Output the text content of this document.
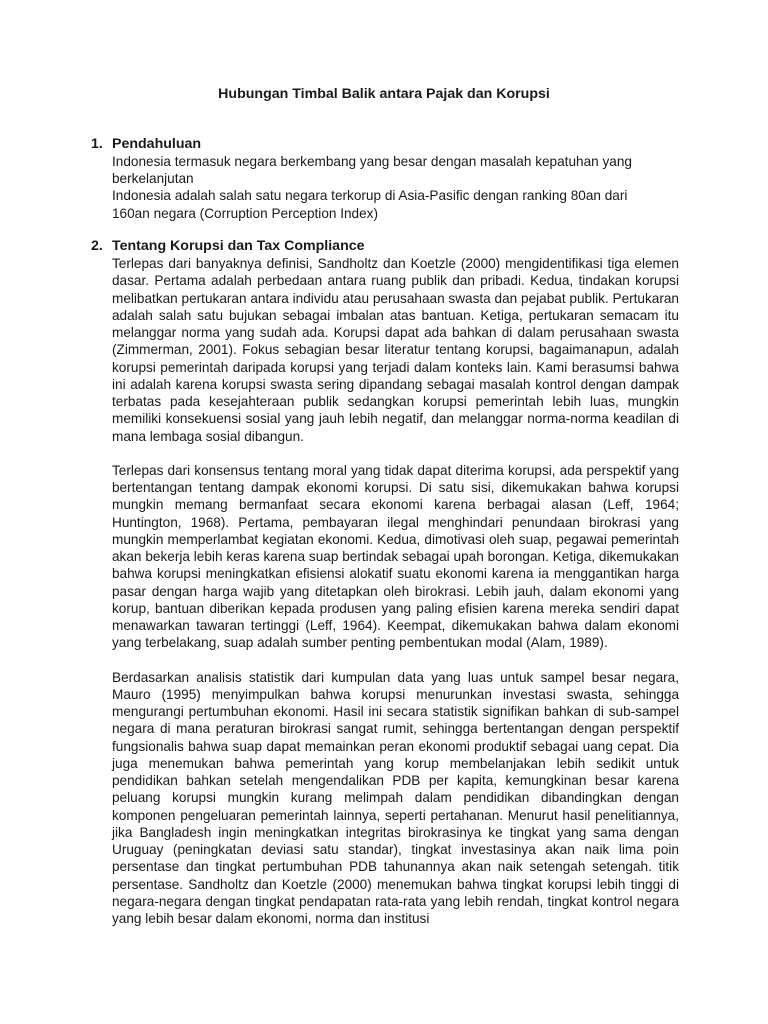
Hubungan Timbal Balik antara Pajak dan Korupsi
1. Pendahuluan
Indonesia termasuk negara berkembang yang besar dengan masalah kepatuhan yang
berkelanjutan
Indonesia adalah salah satu negara terkorup di Asia-Pasific dengan ranking 80an dari
160an negara (Corruption Perception Index)
2. Tentang Korupsi dan Tax Compliance
Terlepas dari banyaknya definisi, Sandholtz dan Koetzle (2000) mengidentifikasi tiga elemen dasar. Pertama adalah perbedaan antara ruang publik dan pribadi. Kedua, tindakan korupsi melibatkan pertukaran antara individu atau perusahaan swasta dan pejabat publik. Pertukaran adalah salah satu bujukan sebagai imbalan atas bantuan. Ketiga, pertukaran semacam itu melanggar norma yang sudah ada. Korupsi dapat ada bahkan di dalam perusahaan swasta (Zimmerman, 2001). Fokus sebagian besar literatur tentang korupsi, bagaimanapun, adalah korupsi pemerintah daripada korupsi yang terjadi dalam konteks lain. Kami berasumsi bahwa ini adalah karena korupsi swasta sering dipandang sebagai masalah kontrol dengan dampak terbatas pada kesejahteraan publik sedangkan korupsi pemerintah lebih luas, mungkin memiliki konsekuensi sosial yang jauh lebih negatif, dan melanggar norma-norma keadilan di mana lembaga sosial dibangun.
Terlepas dari konsensus tentang moral yang tidak dapat diterima korupsi, ada perspektif yang bertentangan tentang dampak ekonomi korupsi. Di satu sisi, dikemukakan bahwa korupsi mungkin memang bermanfaat secara ekonomi karena berbagai alasan (Leff, 1964; Huntington, 1968). Pertama, pembayaran ilegal menghindari penundaan birokrasi yang mungkin memperlambat kegiatan ekonomi. Kedua, dimotivasi oleh suap, pegawai pemerintah akan bekerja lebih keras karena suap bertindak sebagai upah borongan. Ketiga, dikemukakan bahwa korupsi meningkatkan efisiensi alokatif suatu ekonomi karena ia menggantikan harga pasar dengan harga wajib yang ditetapkan oleh birokrasi. Lebih jauh, dalam ekonomi yang korup, bantuan diberikan kepada produsen yang paling efisien karena mereka sendiri dapat menawarkan tawaran tertinggi (Leff, 1964). Keempat, dikemukakan bahwa dalam ekonomi yang terbelakang, suap adalah sumber penting pembentukan modal (Alam, 1989).
Berdasarkan analisis statistik dari kumpulan data yang luas untuk sampel besar negara, Mauro (1995) menyimpulkan bahwa korupsi menurunkan investasi swasta, sehingga mengurangi pertumbuhan ekonomi. Hasil ini secara statistik signifikan bahkan di sub-sampel negara di mana peraturan birokrasi sangat rumit, sehingga bertentangan dengan perspektif fungsionalis bahwa suap dapat memainkan peran ekonomi produktif sebagai uang cepat. Dia juga menemukan bahwa pemerintah yang korup membelanjakan lebih sedikit untuk pendidikan bahkan setelah mengendalikan PDB per kapita, kemungkinan besar karena peluang korupsi mungkin kurang melimpah dalam pendidikan dibandingkan dengan komponen pengeluaran pemerintah lainnya, seperti pertahanan. Menurut hasil penelitiannya, jika Bangladesh ingin meningkatkan integritas birokrasinya ke tingkat yang sama dengan Uruguay (peningkatan deviasi satu standar), tingkat investasinya akan naik lima poin persentase dan tingkat pertumbuhan PDB tahunannya akan naik setengah setengah. titik persentase. Sandholtz dan Koetzle (2000) menemukan bahwa tingkat korupsi lebih tinggi di negara-negara dengan tingkat pendapatan rata-rata yang lebih rendah, tingkat kontrol negara yang lebih besar dalam ekonomi, norma dan institusi
